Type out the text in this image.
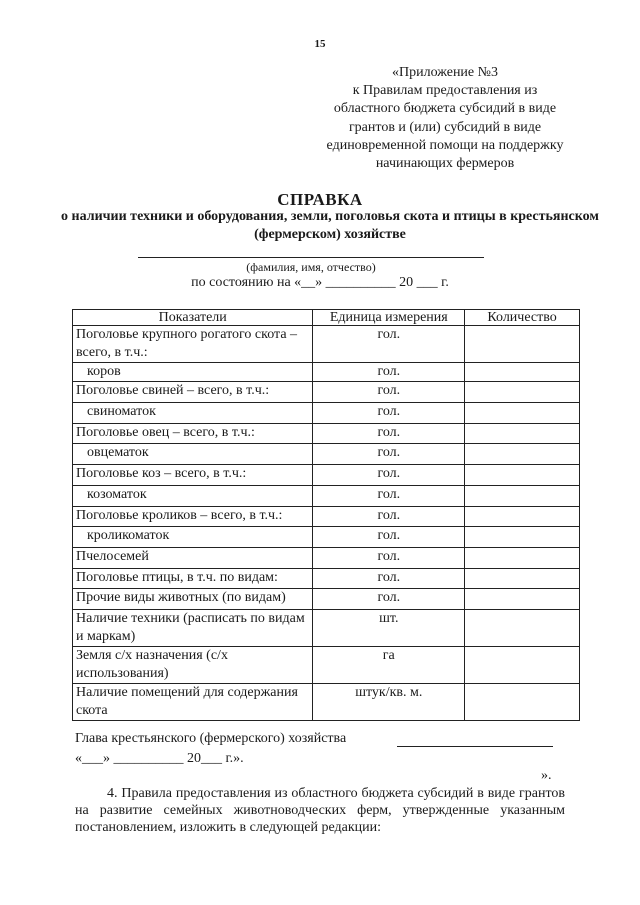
15
«Приложение №3
к Правилам предоставления из
областного бюджета субсидий в виде
грантов и (или) субсидий в виде
единовременной помощи на поддержку
начинающих фермеров
СПРАВКА
о наличии техники и оборудования, земли, поголовья скота и птицы в крестьянском (фермерском) хозяйстве
(фамилия, имя, отчество)
по состоянию на «__» __________ 20 ___ г.
Показатели	Единица измерения	Количество
Поголовье крупного рогатого скота – всего, в т.ч.:	гол.	
коров	гол.	
Поголовье свиней – всего, в т.ч.:	гол.	
свиноматок	гол.	
Поголовье овец – всего, в т.ч.:	гол.	
овцематок	гол.	
Поголовье коз – всего, в т.ч.:	гол.	
козоматок	гол.	
Поголовье кроликов – всего, в т.ч.:	гол.	
кроликоматок	гол.	
Пчелосемей	гол.	
Поголовье птицы, в т.ч. по видам:	гол.	
Прочие виды животных (по видам)	гол.	
Наличие техники (расписать по видам и маркам)	шт.	
Земля с/х назначения (с/х использования)	га	
Наличие помещений для содержания скота	штук/кв. м.	
Глава крестьянского (фермерского) хозяйства
«___» __________ 20___ г.».
».
4. Правила предоставления из областного бюджета субсидий в виде грантов на развитие семейных животноводческих ферм, утвержденные указанным постановлением, изложить в следующей редакции:
